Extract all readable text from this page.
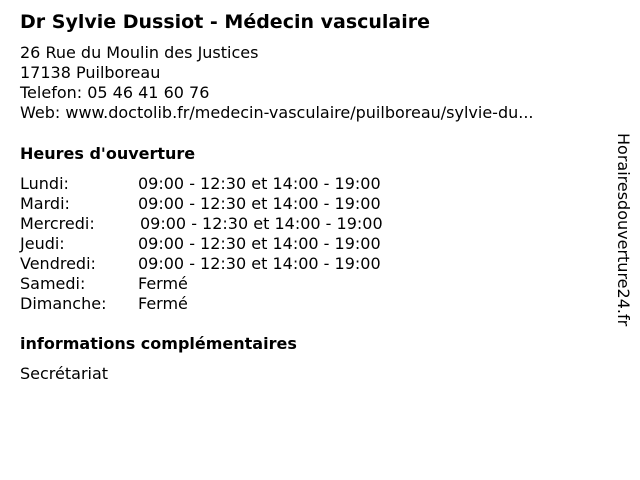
Dr Sylvie Dussiot - Médecin vasculaire
26 Rue du Moulin des Justices
17138 Puilboreau
Telefon: 05 46 41 60 76
Web: www.doctolib.fr/medecin-vasculaire/puilboreau/sylvie-du...
Heures d'ouverture
Lundi:	09:00 - 12:30 et 14:00 - 19:00
Mardi:	09:00 - 12:30 et 14:00 - 19:00
Mercredi:	09:00 - 12:30 et 14:00 - 19:00
Jeudi:	09:00 - 12:30 et 14:00 - 19:00
Vendredi:	09:00 - 12:30 et 14:00 - 19:00
Samedi:	Fermé
Dimanche: Fermé
informations complémentaires
Secrétariat
Horairesdouverture24.fr
